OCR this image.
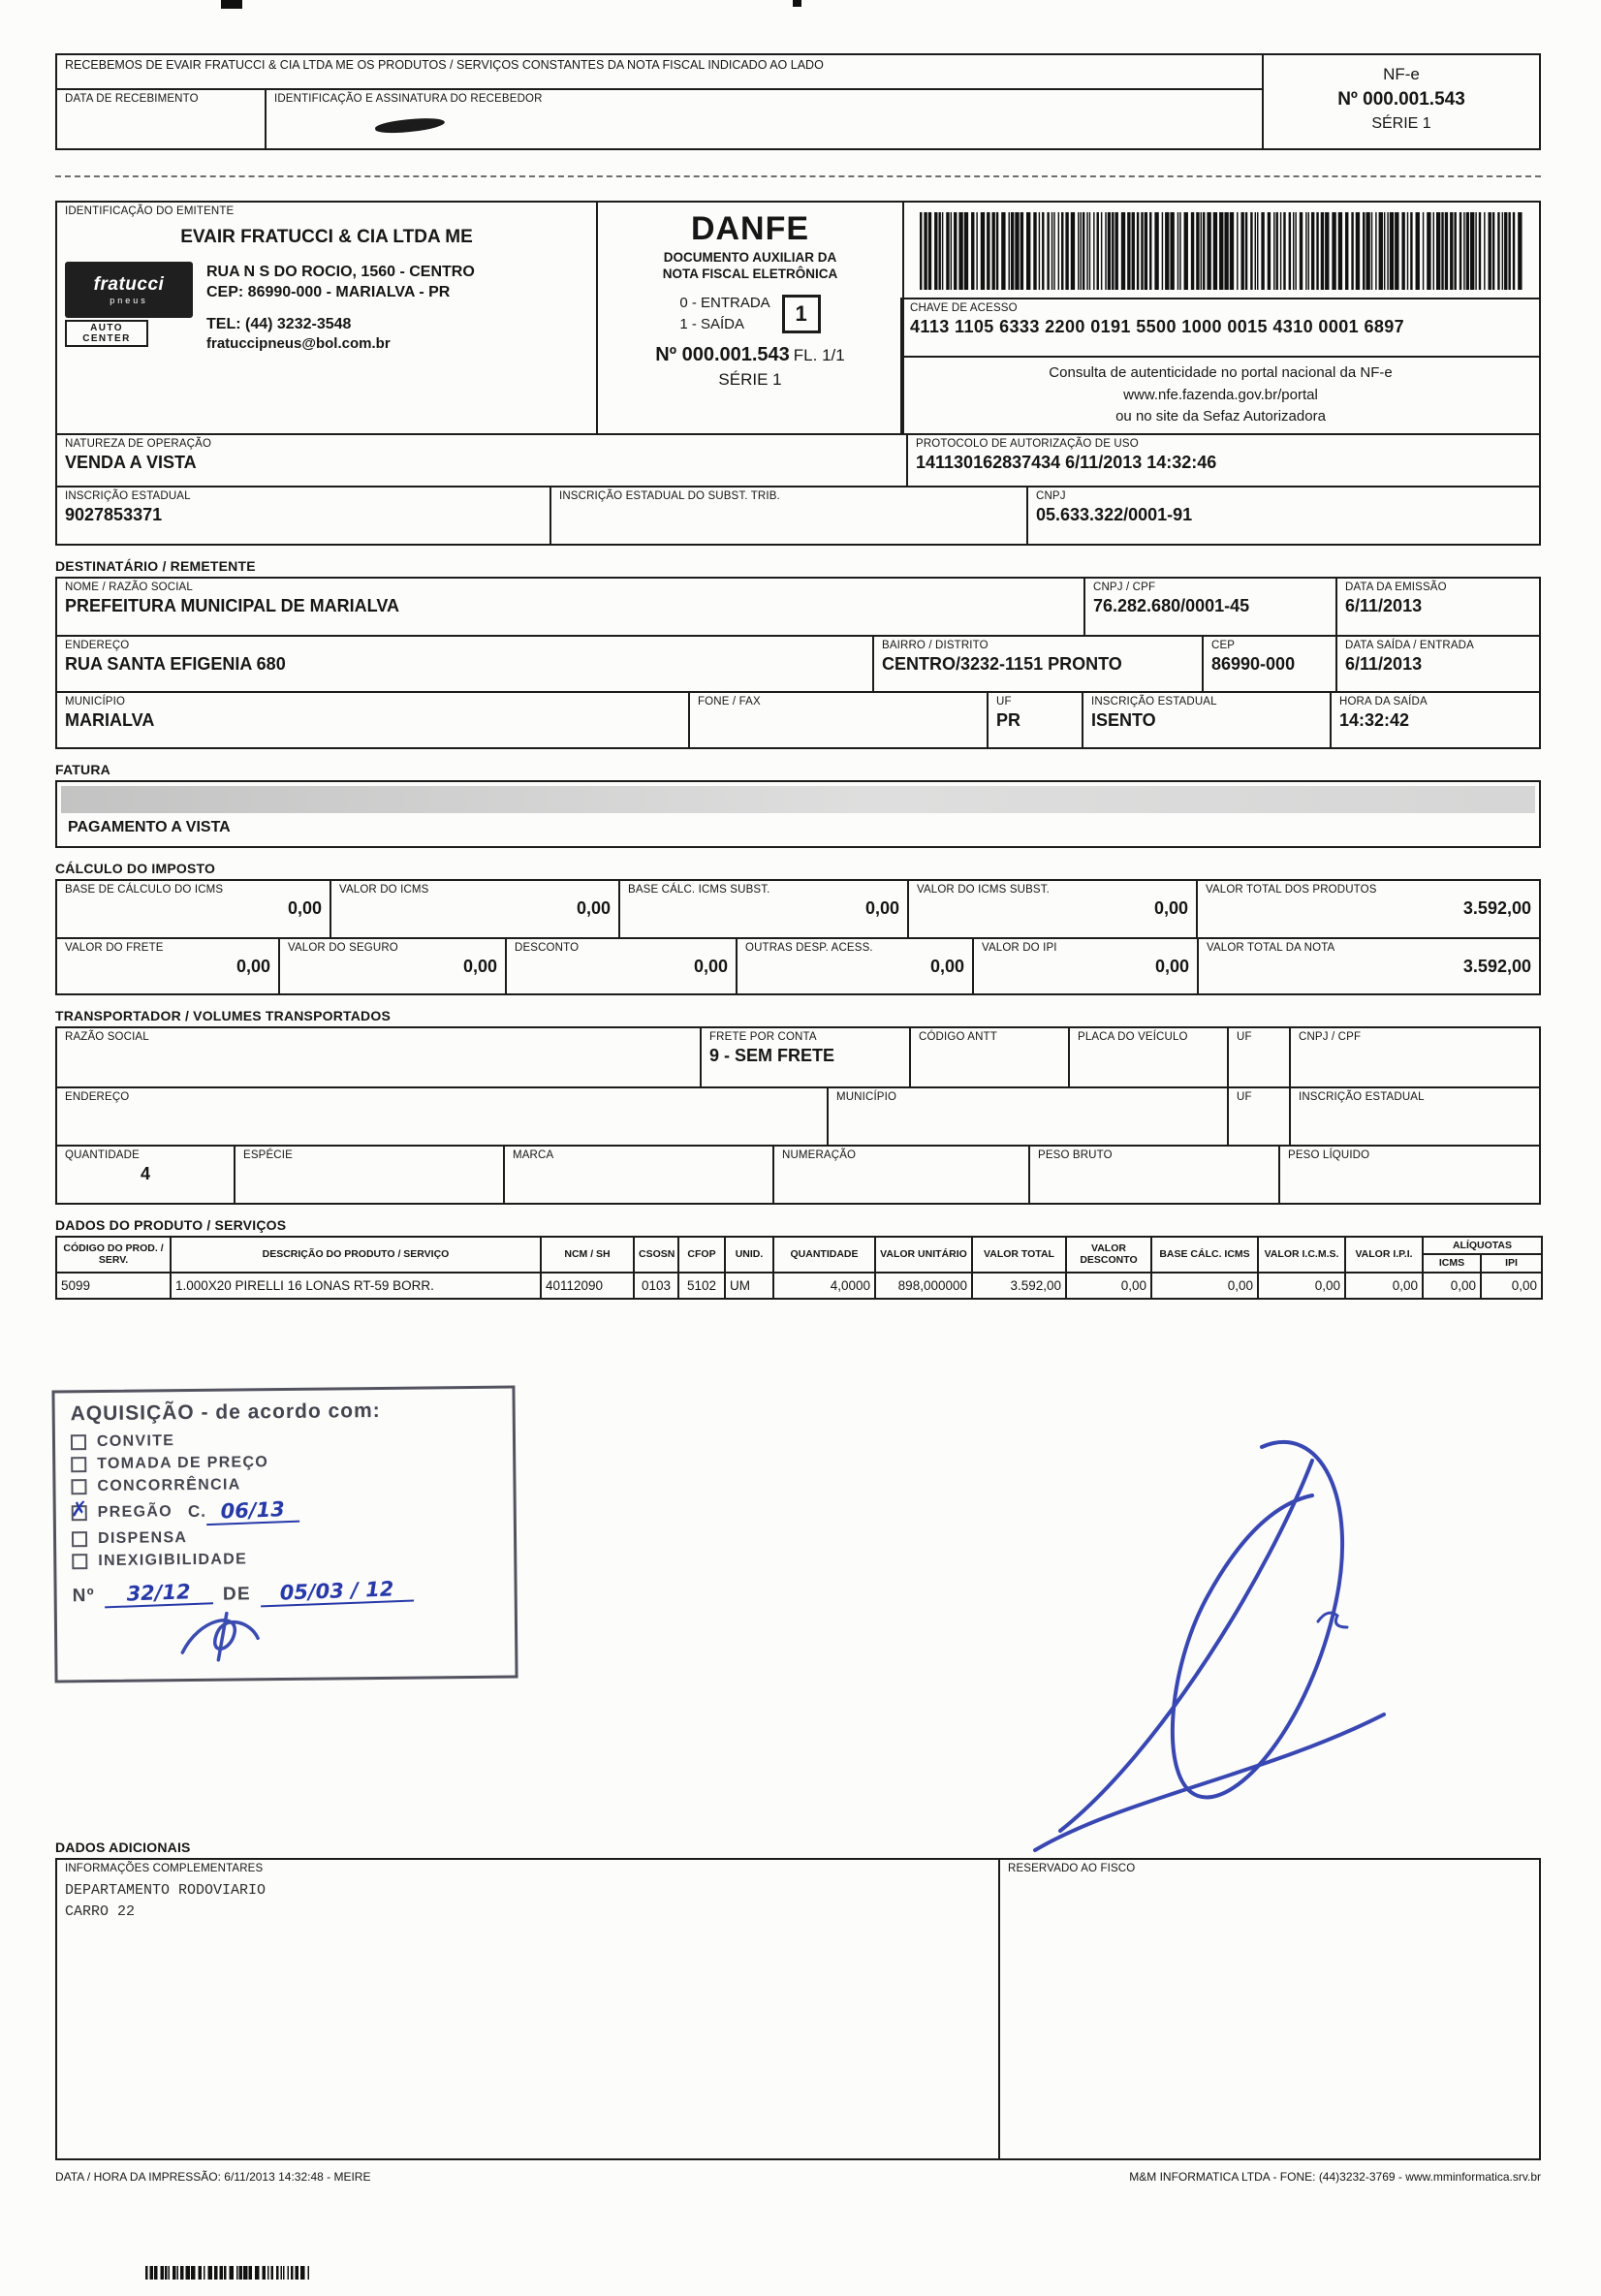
RECEBEMOS DE EVAIR FRATUCCI & CIA LTDA ME OS PRODUTOS / SERVIÇOS CONSTANTES DA NOTA FISCAL INDICADO AO LADO
DATA DE RECEBIMENTO	IDENTIFICAÇÃO E ASSINATURA DO RECEBEDOR
NF-e
Nº 000.001.543
SÉRIE 1
IDENTIFICAÇÃO DO EMITENTE
EVAIR FRATUCCI & CIA LTDA ME
fratucci
pneus
AUTO CENTER
RUA N S DO ROCIO, 1560 - CENTRO
CEP: 86990-000 - MARIALVA - PR
TEL: (44) 3232-3548
fratuccipneus@bol.com.br
DANFE
DOCUMENTO AUXILIAR DA
NOTA FISCAL ELETRÔNICA
0 - ENTRADA
1 - SAÍDA	1
Nº 000.001.543 FL. 1/1
SÉRIE 1
CHAVE DE ACESSO
4113 1105 6333 2200 0191 5500 1000 0015 4310 0001 6897
Consulta de autenticidade no portal nacional da NF-e
www.nfe.fazenda.gov.br/portal
ou no site da Sefaz Autorizadora
NATUREZA DE OPERAÇÃO
VENDA A VISTA
PROTOCOLO DE AUTORIZAÇÃO DE USO
141130162837434 6/11/2013 14:32:46
INSCRIÇÃO ESTADUAL
9027853371
INSCRIÇÃO ESTADUAL DO SUBST. TRIB.	CNPJ
05.633.322/0001-91
DESTINATÁRIO / REMETENTE
NOME / RAZÃO SOCIAL
PREFEITURA MUNICIPAL DE MARIALVA
CNPJ / CPF
76.282.680/0001-45
DATA DA EMISSÃO
6/11/2013
ENDEREÇO
RUA SANTA EFIGENIA 680
BAIRRO / DISTRITO
CENTRO/3232-1151 PRONTO
CEP
86990-000
DATA SAÍDA / ENTRADA
6/11/2013
MUNICÍPIO
MARIALVA
FONE / FAX	UF
PR
INSCRIÇÃO ESTADUAL
ISENTO
HORA DA SAÍDA
14:32:42
FATURA
PAGAMENTO A VISTA
CÁLCULO DO IMPOSTO
BASE DE CÁLCULO DO ICMS
0,00
VALOR DO ICMS
0,00
BASE CÁLC. ICMS SUBST.
0,00
VALOR DO ICMS SUBST.
0,00
VALOR TOTAL DOS PRODUTOS
3.592,00
VALOR DO FRETE
0,00
VALOR DO SEGURO
0,00
DESCONTO
0,00
OUTRAS DESP. ACESS.
0,00
VALOR DO IPI
0,00
VALOR TOTAL DA NOTA
3.592,00
TRANSPORTADOR / VOLUMES TRANSPORTADOS
RAZÃO SOCIAL	FRETE POR CONTA
9 - SEM FRETE
CÓDIGO ANTT	PLACA DO VEÍCULO	UF	CNPJ / CPF
ENDEREÇO	MUNICÍPIO	UF	INSCRIÇÃO ESTADUAL
QUANTIDADE
4
ESPÉCIE	MARCA	NUMERAÇÃO	PESO BRUTO	PESO LÍQUIDO
DADOS DO PRODUTO / SERVIÇOS
CÓDIGO DO PROD. / SERV.	DESCRIÇÃO DO PRODUTO / SERVIÇO	NCM / SH	CSOSN	CFOP	UNID.	QUANTIDADE	VALOR UNITÁRIO	VALOR TOTAL	VALOR DESCONTO	BASE CÁLC. ICMS	VALOR I.C.M.S.	VALOR I.P.I.	ALÍQUOTAS	
													ICMS	IPI
5099	1.000X20 PIRELLI 16 LONAS RT-59 BORR.	40112090	0103	5102	UM	4,0000	898,000000	3.592,00	0,00	0,00	0,00	0,00	0,00	0,00
DADOS ADICIONAIS
INFORMAÇÕES COMPLEMENTARES
DEPARTAMENTO RODOVIARIO
CARRO 22
RESERVADO AO FISCO
DATA / HORA DA IMPRESSÃO: 6/11/2013 14:32:48 - MEIRE	M&M INFORMATICA LTDA - FONE: (44)3232-3769 - www.mminformatica.srv.br
AQUISIÇÃO - de acordo com:
CONVITE
TOMADA DE PREÇO
CONCORRÊNCIA
✗ PREGÃO C. 06/13
DISPENSA
INEXIGIBILIDADE
Nº	32/12	DE	05/03 / 12
